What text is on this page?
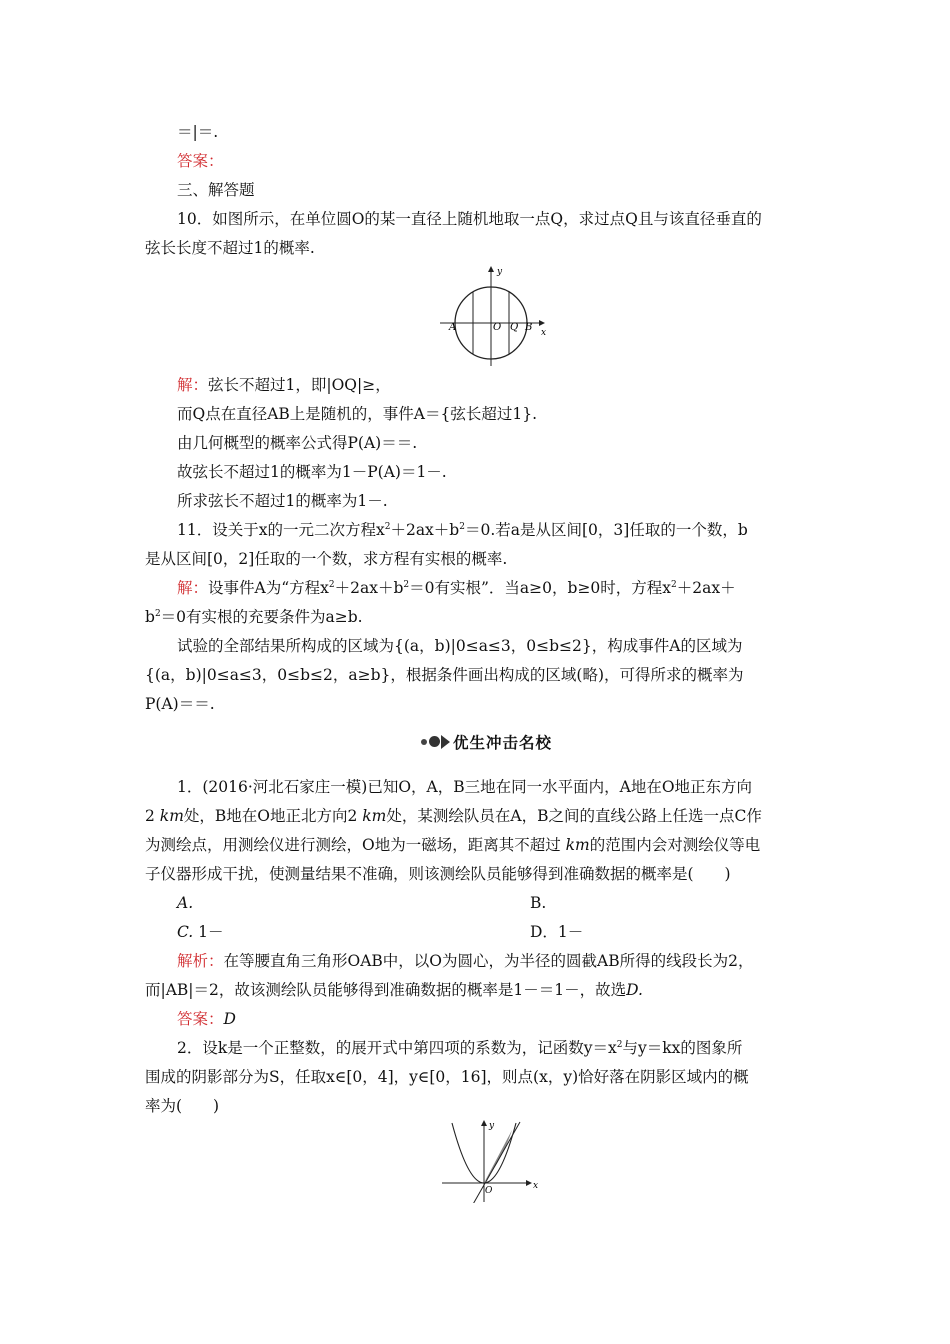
＝|＝.
答案：
三、解答题
10．如图所示，在单位圆O的某一直径上随机地取一点Q，求过点Q且与该直径垂直的
弦长长度不超过1的概率.
y
x
A	O Q B
解：弦长不超过1，即|OQ|≥，
而Q点在直径AB上是随机的，事件A＝{弦长超过1}.
由几何概型的概率公式得P(A)＝＝.
故弦长不超过1的概率为1－P(A)＝1－.
所求弦长不超过1的概率为1－.
11．设关于x的一元二次方程$x^2+2ax+b^2=0$.若a是从区间[0，3]任取的一个数，b
是从区间[0，2]任取的一个数，求方程有实根的概率.
解：设事件A为“方程$x^2+2ax+b^2=0$有实根”．当a≥0，b≥0时，方程$x^2+2ax+$
$b^2=0$有实根的充要条件为a≥b.
试验的全部结果所构成的区域为{(a，b)|0≤a≤3，0≤b≤2}，构成事件A的区域为
{(a，b)|0≤a≤3，0≤b≤2，a≥b}，根据条件画出构成的区域(略)，可得所求的概率为
P(A)＝＝.
优生冲击名校
1．(2016·河北石家庄一模)已知O，A，B三地在同一水平面内，A地在O地正东方向
2 km处，B地在O地正北方向2 km处，某测绘队员在A，B之间的直线公路上任选一点C作
为测绘点，用测绘仪进行测绘，O地为一磁场，距离其不超过 km的范围内会对测绘仪等电
子仪器形成干扰，使测量结果不准确，则该测绘队员能够得到准确数据的概率是(　　)
A.	B.
C. 1－	D．1－
解析：在等腰直角三角形OAB中，以O为圆心，为半径的圆截AB所得的线段长为2，
而|AB|＝2，故该测绘队员能够得到准确数据的概率是1－＝1－，故选D.
答案：D
2．设k是一个正整数，的展开式中第四项的系数为，记函数$y=x^2$与y＝kx的图象所
围成的阴影部分为S，任取x∈[0，4]，y∈[0，16]，则点(x，y)恰好落在阴影区域内的概
率为(　　)
y
x
O
